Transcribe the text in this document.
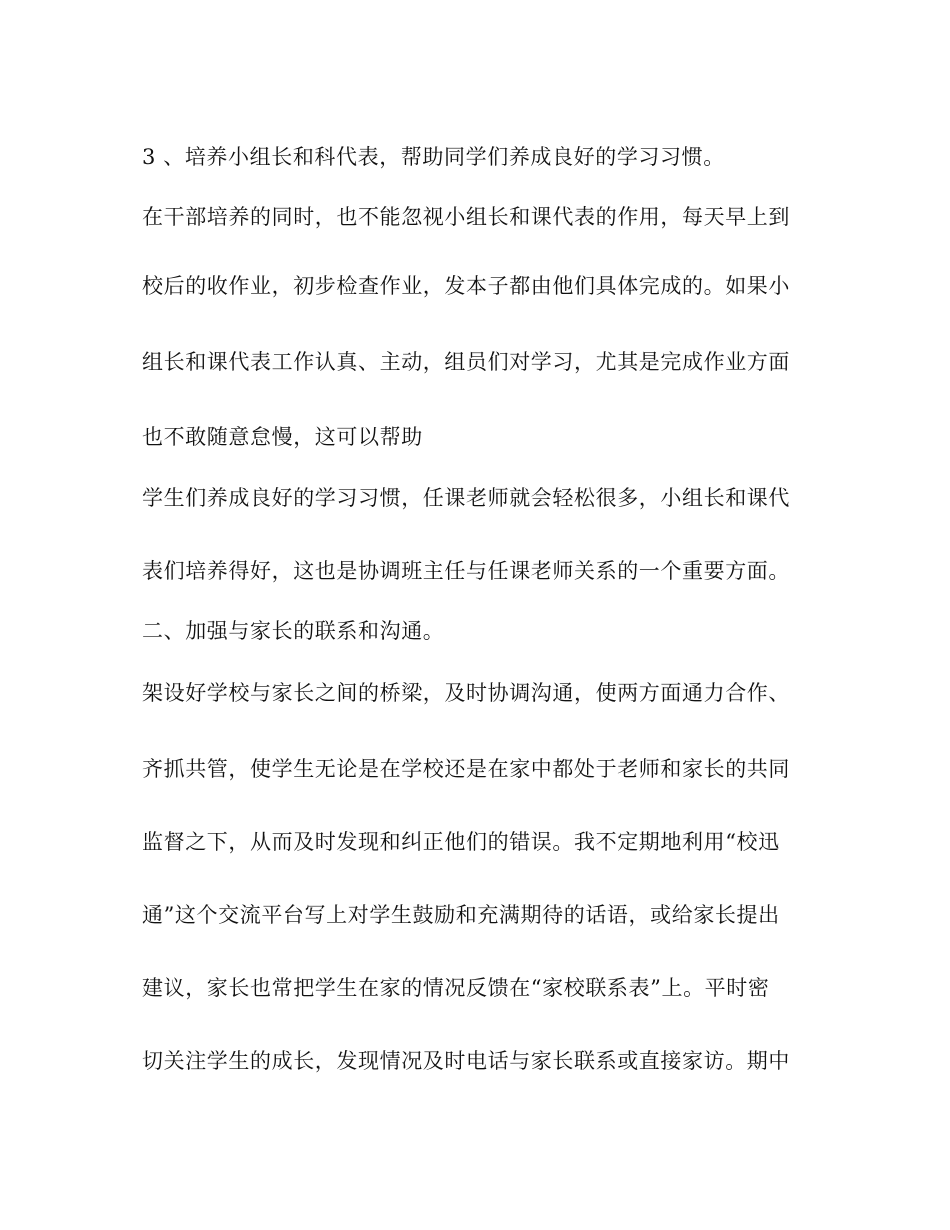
3 、培养小组长和科代表，帮助同学们养成良好的学习习惯。
在干部培养的同时，也不能忽视小组长和课代表的作用，每天早上到
校后的收作业，初步检查作业，发本子都由他们具体完成的。如果小
组长和课代表工作认真、主动，组员们对学习，尤其是完成作业方面
也不敢随意怠慢，这可以帮助
学生们养成良好的学习习惯，任课老师就会轻松很多，小组长和课代
表们培养得好，这也是协调班主任与任课老师关系的一个重要方面。
二、加强与家长的联系和沟通。
架设好学校与家长之间的桥梁，及时协调沟通，使两方面通力合作、
齐抓共管，使学生无论是在学校还是在家中都处于老师和家长的共同
监督之下，从而及时发现和纠正他们的错误。我不定期地利用“校迅
通”这个交流平台写上对学生鼓励和充满期待的话语，或给家长提出
建议，家长也常把学生在家的情况反馈在“家校联系表”上。平时密
切关注学生的成长，发现情况及时电话与家长联系或直接家访。期中
